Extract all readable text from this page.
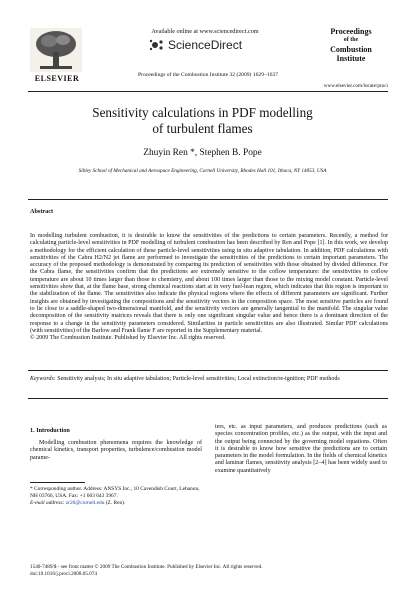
ELSEVIER
Available online at www.sciencedirect.com
ScienceDirect
Proceedings of the Combustion Institute 32 (2009) 1629–1637
Proceedings
of the
Combustion
Institute
www.elsevier.com/locate/proci
Sensitivity calculations in PDF modelling
of turbulent flames
Zhuyin Ren *, Stephen B. Pope
Sibley School of Mechanical and Aerospace Engineering, Cornell University, Rhodes Hall 101, Ithaca, NY 14853, USA
Abstract
In modelling turbulent combustion, it is desirable to know the sensitivities of the predictions to certain parameters. Recently, a method for calculating particle-level sensitivities in PDF modelling of turbulent combustion has been described by Ren and Pope [1]. In this work, we develop a methodology for the efficient calculation of these particle-level sensitivities using in situ adaptive tabulation. In addition, PDF calculations with sensitivities of the Cabra H2/N2 jet flame are performed to investigate the sensitivities of the predictions to certain important parameters. The accuracy of the proposed methodology is demonstrated by comparing its prediction of sensitivities with those obtained by divided difference. For the Cabra flame, the sensitivities confirm that the predictions are extremely sensitive to the coflow temperature: the sensitivities to coflow temperature are about 10 times larger than those to chemistry, and about 100 times larger than those to the mixing model constant. Particle-level sensitivities show that, at the flame base, strong chemical reactions start at in very fuel-lean region, which indicates that this region is important to the stabilization of the flame. The sensitivities also indicate the physical regions where the effects of different parameters are significant. Further insights are obtained by investigating the compositions and the sensitivity vectors in the composition space. The most sensitive particles are found to lie close to a saddle-shaped two-dimensional manifold, and the sensitivity vectors are generally tangential to the manifold. The singular value decomposition of the sensitivity matrices reveals that there is only one significant singular value and hence there is a dominant direction of the response to a change in the sensitivity parameters considered. Similarities in particle sensitivities are also illustrated. Similar PDF calculations (with sensitivities) of the Barlow and Frank flame F are reported in the Supplementary material.
© 2009 The Combustion Institute. Published by Elsevier Inc. All rights reserved.
Keywords: Sensitivity analysis; In situ adaptive tabulation; Particle-level sensitivities; Local extinction/re-ignition; PDF methods
1. Introduction
Modelling combustion phenomena requires the knowledge of chemical kinetics, transport properties, turbulence/combustion model parame-
ters, etc. as input parameters, and produces predictions (such as species concentration profiles, etc.) as the output, with the input and the output being connected by the governing model equations. Often it is desirable to know how sensitive the predictions are to certain parameters in the model formulation. In the fields of chemical kinetics and laminar flames, sensitivity analysis [2–4] has been widely used to examine quantitatively
* Corresponding author. Address: ANSYS Inc., 10 Cavendish Court, Lebanon, NH 03766, USA. Fax: +1 603 643 3967.
E-mail address: zr26@cornell.edu (Z. Ren).
1540-7489/$ - see front matter © 2009 The Combustion Institute. Published by Elsevier Inc. All rights reserved.
doi:10.1016/j.proci.2008.05.074
